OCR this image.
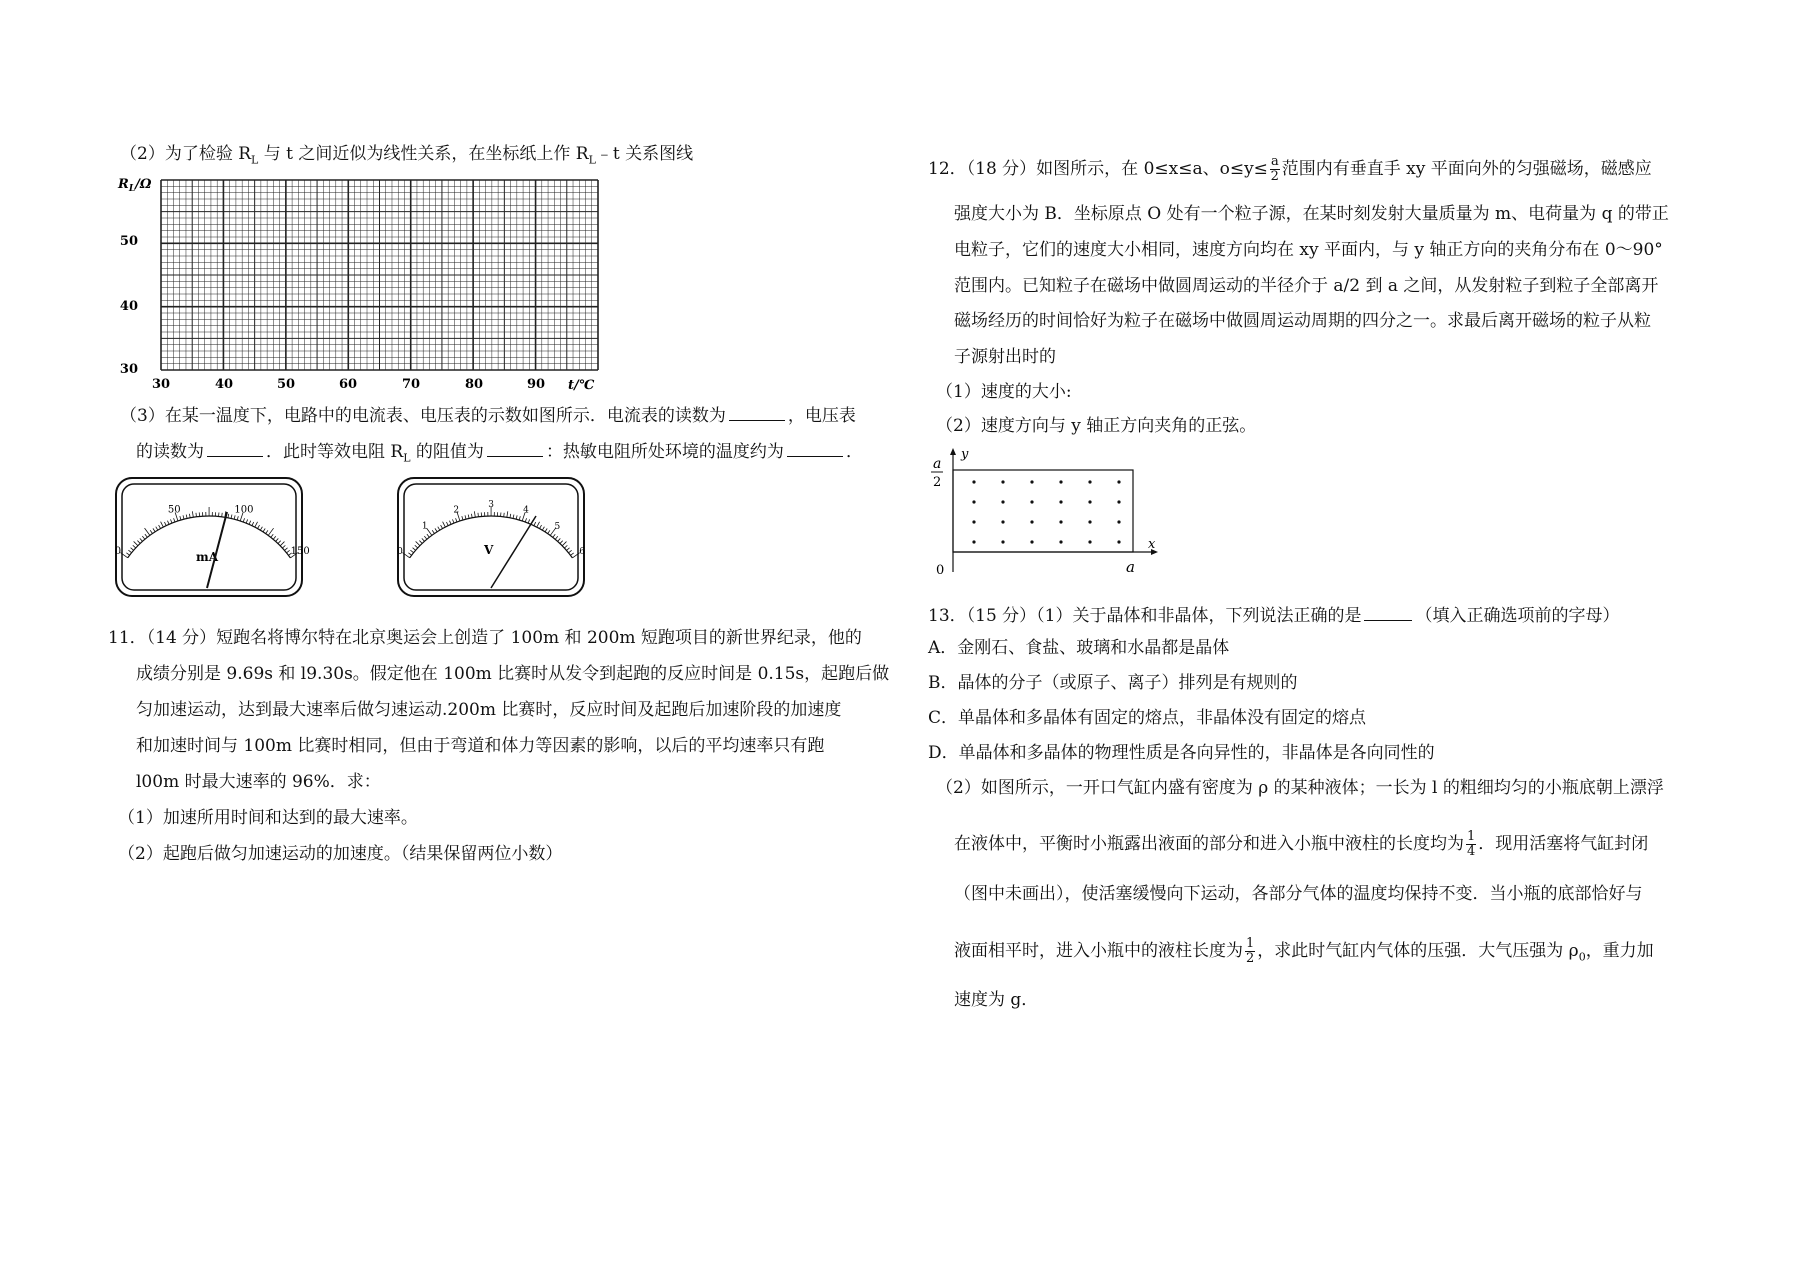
（2）为了检验 $R_L$ 与 t 之间近似为线性关系，在坐标纸上作 $R_L﹣t$ 关系图线
$R_L/\Omega$
50
40
30
30	40	50	60	70	80	90 t/℃
（3）在某一温度下，电路中的电流表、电压表的示数如图所示．电流表的读数为	，电压表
的读数为	．此时等效电阻 $R_L$ 的阻值为	：热敏电阻所处环境的温度约为	．
0
50	100
150
mA	0
1
2
3
4
5
6
V
11．（14 分）短跑名将博尔特在北京奥运会上创造了 100m 和 200m 短跑项目的新世界纪录，他的
成绩分别是 9.69s 和 l9.30s。假定他在 100m 比赛时从发令到起跑的反应时间是 0.15s，起跑后做
匀加速运动，达到最大速率后做匀速运动.200m 比赛时，反应时间及起跑后加速阶段的加速度
和加速时间与 100m 比赛时相同，但由于弯道和体力等因素的影响，以后的平均速率只有跑
l00m 时最大速率的 96%．求：
（1）加速所用时间和达到的最大速率。
（2）起跑后做匀加速运动的加速度。（结果保留两位小数）
12．（18 分）如图所示，在 0≤x≤a、$o\le y\le \frac{a}{2}$ 范围内有垂直手 xy 平面向外的匀强磁场，磁感应
强度大小为 B．坐标原点 O 处有一个粒子源，在某时刻发射大量质量为 m、电荷量为 q 的带正
电粒子，它们的速度大小相同，速度方向均在 xy 平面内，与 y 轴正方向的夹角分布在 0～90°
范围内。已知粒子在磁场中做圆周运动的半径介于 a/2 到 a 之间，从发射粒子到粒子全部离开
磁场经历的时间恰好为粒子在磁场中做圆周运动周期的四分之一。求最后离开磁场的粒子从粒
子源射出时的
（1）速度的大小:
（2）速度方向与 y 轴正方向夹角的正弦。
y
x
0
a
2
a
13．（15 分）（1）关于晶体和非晶体，下列说法正确的是	（填入正确选项前的字母）
A．金刚石、食盐、玻璃和水晶都是晶体
B．晶体的分子（或原子、离子）排列是有规则的
C．单晶体和多晶体有固定的熔点，非晶体没有固定的熔点
D．单晶体和多晶体的物理性质是各向异性的，非晶体是各向同性的
（2）如图所示，一开口气缸内盛有密度为 ρ 的某种液体；一长为 l 的粗细均匀的小瓶底朝上漂浮
在液体中，平衡时小瓶露出液面的部分和进入小瓶中液柱的长度均为 $\frac{1}{4}$ ．现用活塞将气缸封闭
（图中未画出），使活塞缓慢向下运动，各部分气体的温度均保持不变．当小瓶的底部恰好与
液面相平时，进入小瓶中的液柱长度为 $\frac{1}{2}$ ，求此时气缸内气体的压强．大气压强为 $\rho_0$，重力加
速度为 g．
